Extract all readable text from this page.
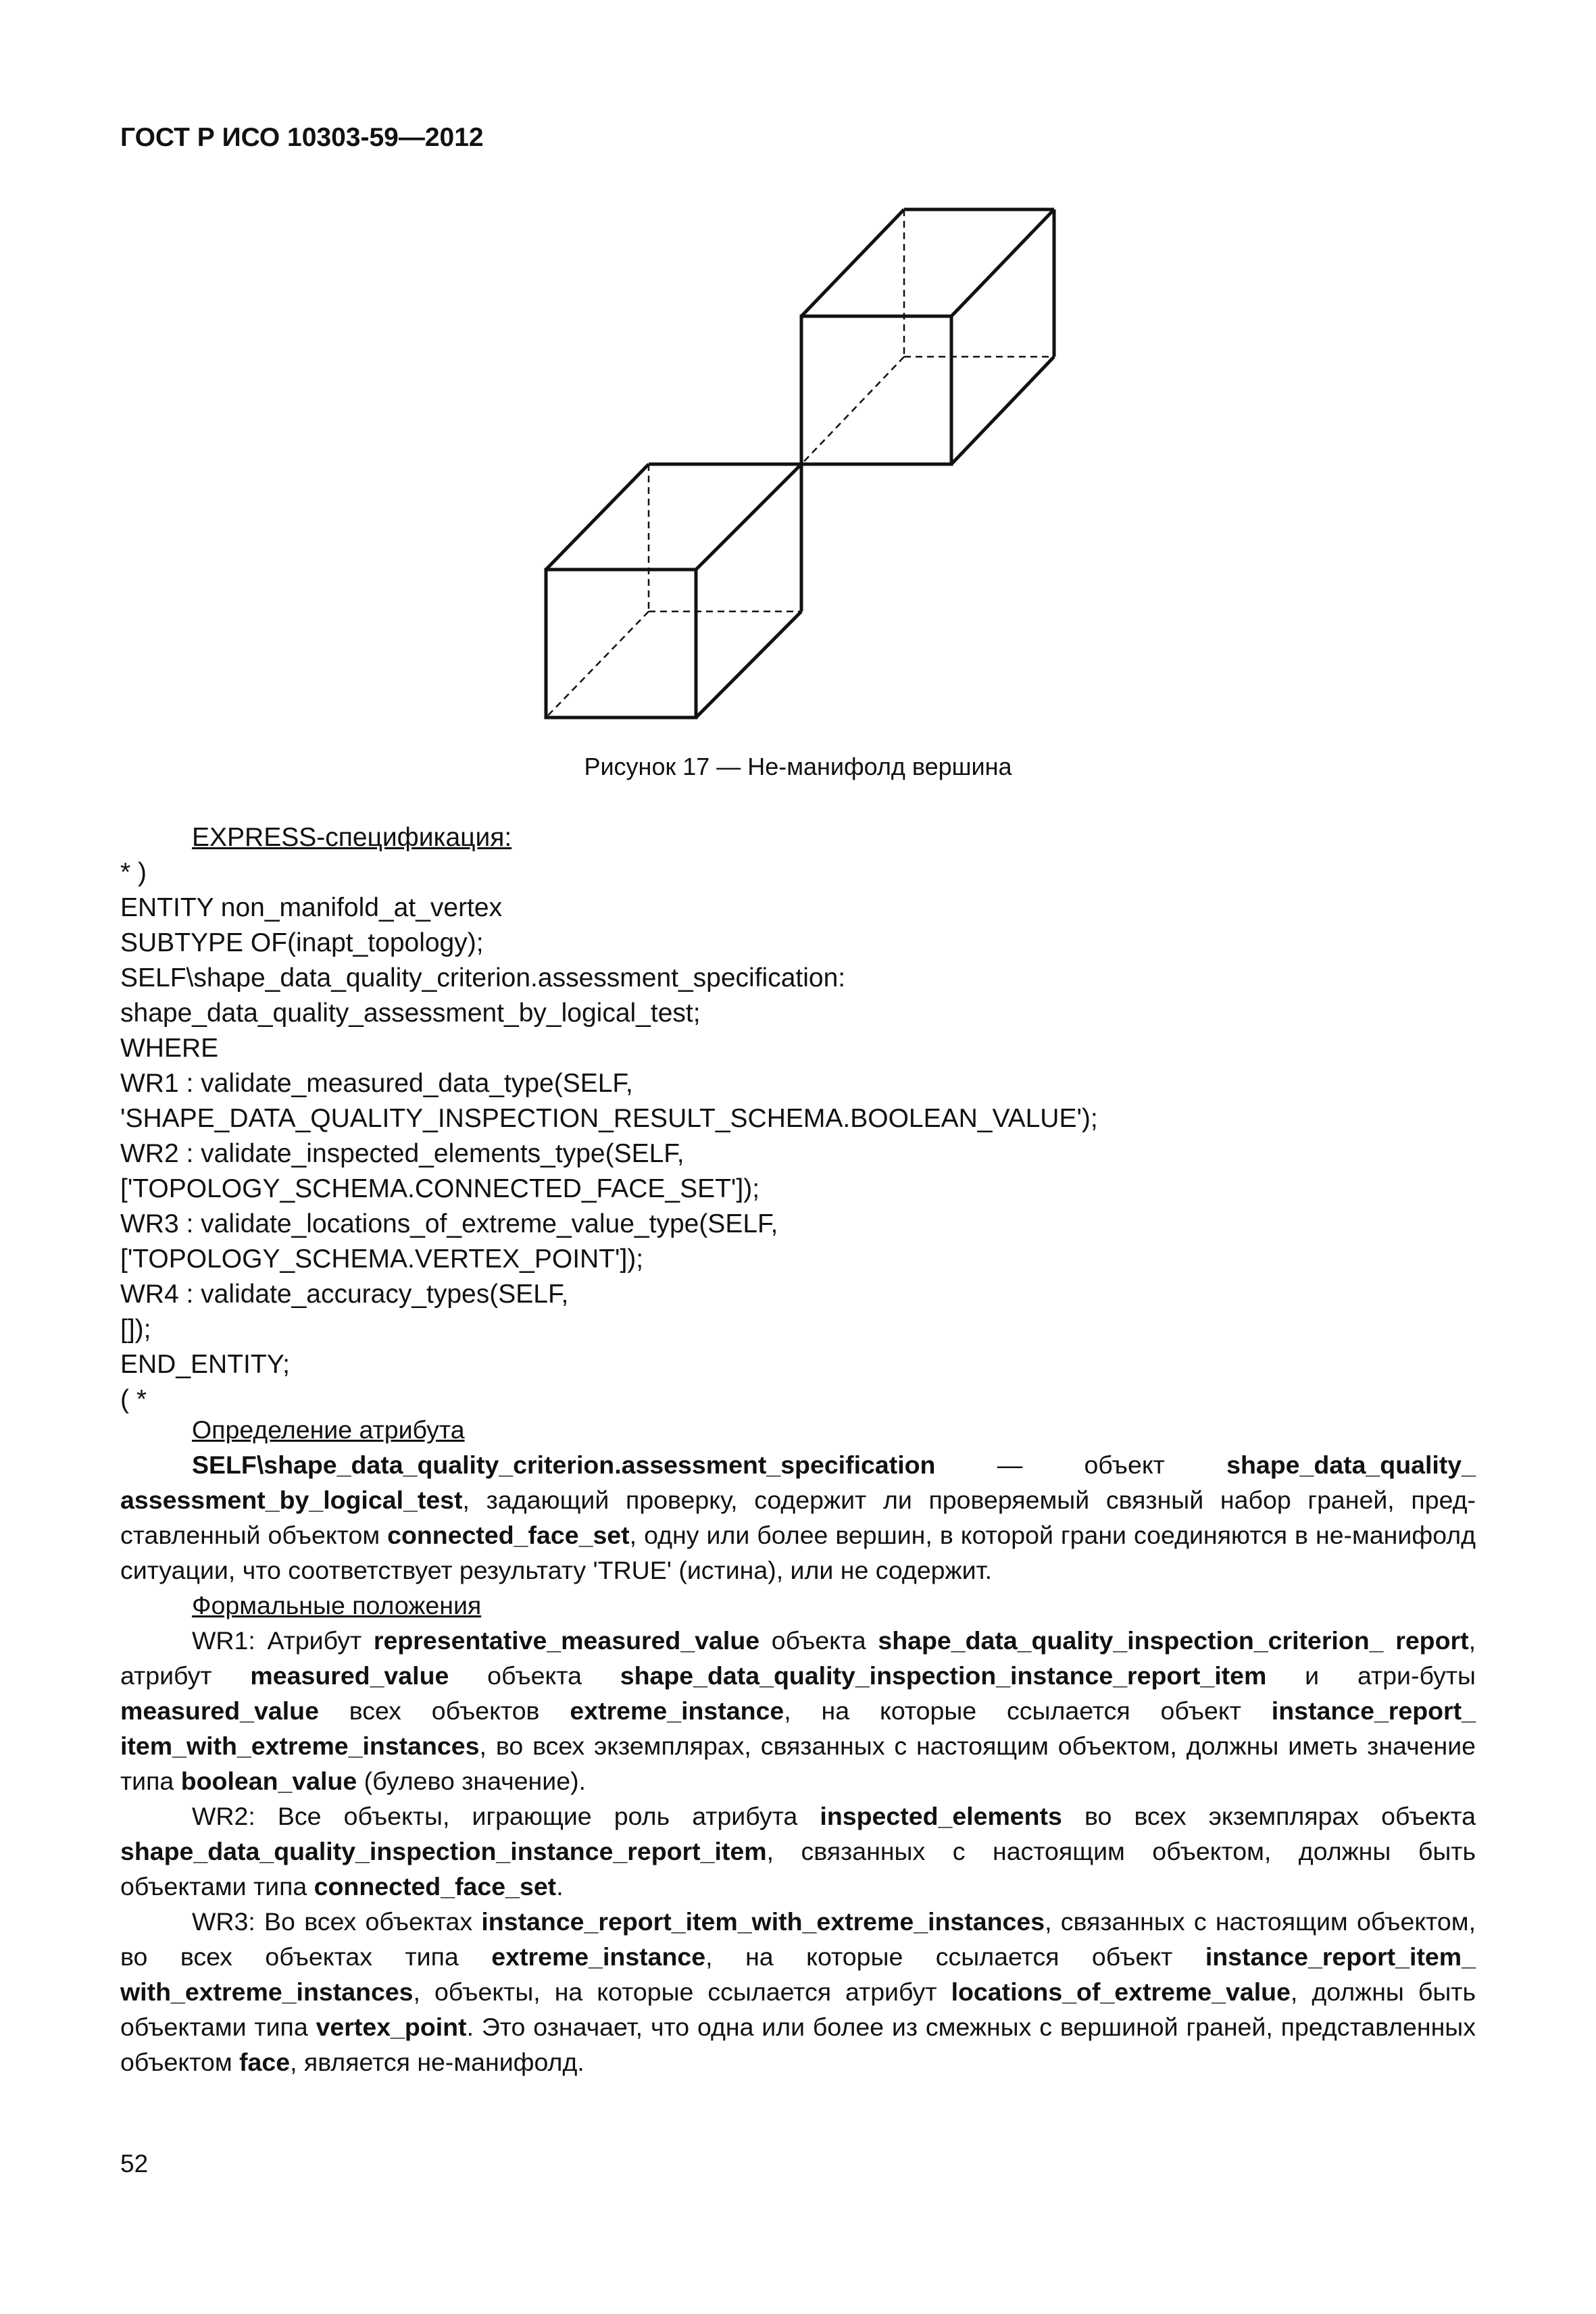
ГОСТ Р ИСО 10303-59—2012
Рисунок 17 — Не-манифолд вершина
EXPRESS-спецификация:
* )
ENTITY non_manifold_at_vertex
SUBTYPE OF(inapt_topology);
SELF\shape_data_quality_criterion.assessment_specification:
shape_data_quality_assessment_by_logical_test;
WHERE
WR1 : validate_measured_data_type(SELF,
'SHAPE_DATA_QUALITY_INSPECTION_RESULT_SCHEMA.BOOLEAN_VALUE');
WR2 : validate_inspected_elements_type(SELF,
['TOPOLOGY_SCHEMA.CONNECTED_FACE_SET']);
WR3 : validate_locations_of_extreme_value_type(SELF,
['TOPOLOGY_SCHEMA.VERTEX_POINT']);
WR4 : validate_accuracy_types(SELF,
[]);
END_ENTITY;
( *

Определение атрибута

SELF\shape_data_quality_criterion.assessment_specification — объект shape_data_quality_ assessment_by_logical_test, задающий проверку, содержит ли проверяемый связный набор граней, пред-ставленный объектом connected_face_set, одну или более вершин, в которой грани соединяются в не-манифолд ситуации, что соответствует результату 'TRUE' (истина), или не содержит.

Формальные положения

WR1: Атрибут representative_measured_value объекта shape_data_quality_inspection_criterion_ report, атрибут measured_value объекта shape_data_quality_inspection_instance_report_item и атри-буты measured_value всех объектов extreme_instance, на которые ссылается объект instance_report_ item_with_extreme_instances, во всех экземплярах, связанных с настоящим объектом, должны иметь значение типа boolean_value (булево значение).

WR2: Все объекты, играющие роль атрибута inspected_elements во всех экземплярах объекта shape_data_quality_inspection_instance_report_item, связанных с настоящим объектом, должны быть объектами типа connected_face_set.

WR3: Во всех объектах instance_report_item_with_extreme_instances, связанных с настоящим объектом, во всех объектах типа extreme_instance, на которые ссылается объект instance_report_item_ with_extreme_instances, объекты, на которые ссылается атрибут locations_of_extreme_value, должны быть объектами типа vertex_point. Это означает, что одна или более из смежных с вершиной граней, представленных объектом face, является не-манифолд.

52
